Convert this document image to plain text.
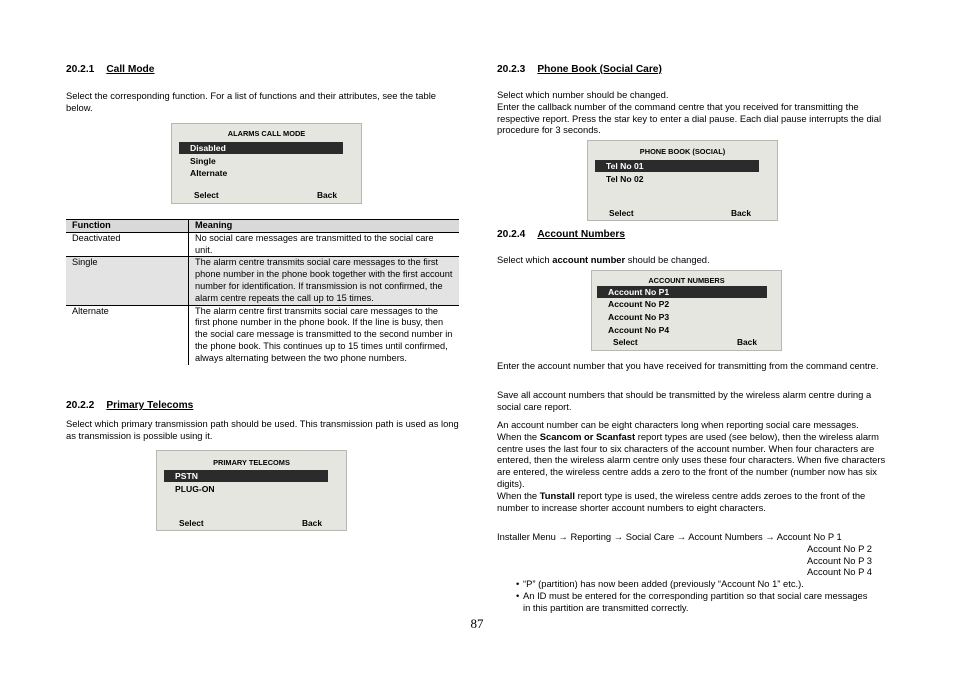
20.2.1 Call Mode

Select the corresponding function. For a list of functions and their attributes, see the table below.

ALARMS CALL MODE
Disabled
Single
Alternate
Select	Back
Function	Meaning
Deactivated	No social care messages are transmitted to the social care unit.
Single	The alarm centre transmits social care messages to the first phone number in the phone book together with the first account number for identification. If transmission is not confirmed, the alarm centre repeats the call up to 15 times.
Alternate	The alarm centre first transmits social care messages to the first phone number in the phone book. If the line is busy, then the social care message is transmitted to the second number in the phone book. This continues up to 15 times until confirmed, always alternating between the two phone numbers.
20.2.2 Primary Telecoms

Select which primary transmission path should be used. This transmission path is used as long as transmission is possible using it.

PRIMARY TELECOMS
PSTN
PLUG-ON
Select	Back
20.2.3 Phone Book (Social Care)

Select which number should be changed.
Enter the callback number of the command centre that you received for transmitting the respective report. Press the star key to enter a dial pause. Each dial pause interrupts the dial procedure for 3 seconds.

PHONE BOOK (SOCIAL)
Tel No 01
Tel No 02
Select	Back
20.2.4 Account Numbers

Select which account number should be changed.

ACCOUNT NUMBERS
Account No P1
Account No P2
Account No P3
Account No P4
Select	Back

Enter the account number that you have received for transmitting from the command centre.

Save all account numbers that should be transmitted by the wireless alarm centre during a social care report.

An account number can be eight characters long when reporting social care messages.

When the Scancom or Scanfast report types are used (see below), then the wireless alarm centre uses the last four to six characters of the account number. When four characters are entered, then the wireless alarm centre only uses these four characters. When five characters are entered, the wireless centre adds a zero to the front of the number (number now has six digits).

When the Tunstall report type is used, the wireless centre adds zeroes to the front of the number to increase shorter account numbers to eight characters.

Installer Menu → Reporting → Social Care → Account Numbers → Account No P 1

Account No P 2

Account No P 3

Account No P 4

• “P” (partition) has now been added (previously “Account No 1” etc.).
• An ID must be entered for the corresponding partition so that social care messages in this partition are transmitted correctly.
87
